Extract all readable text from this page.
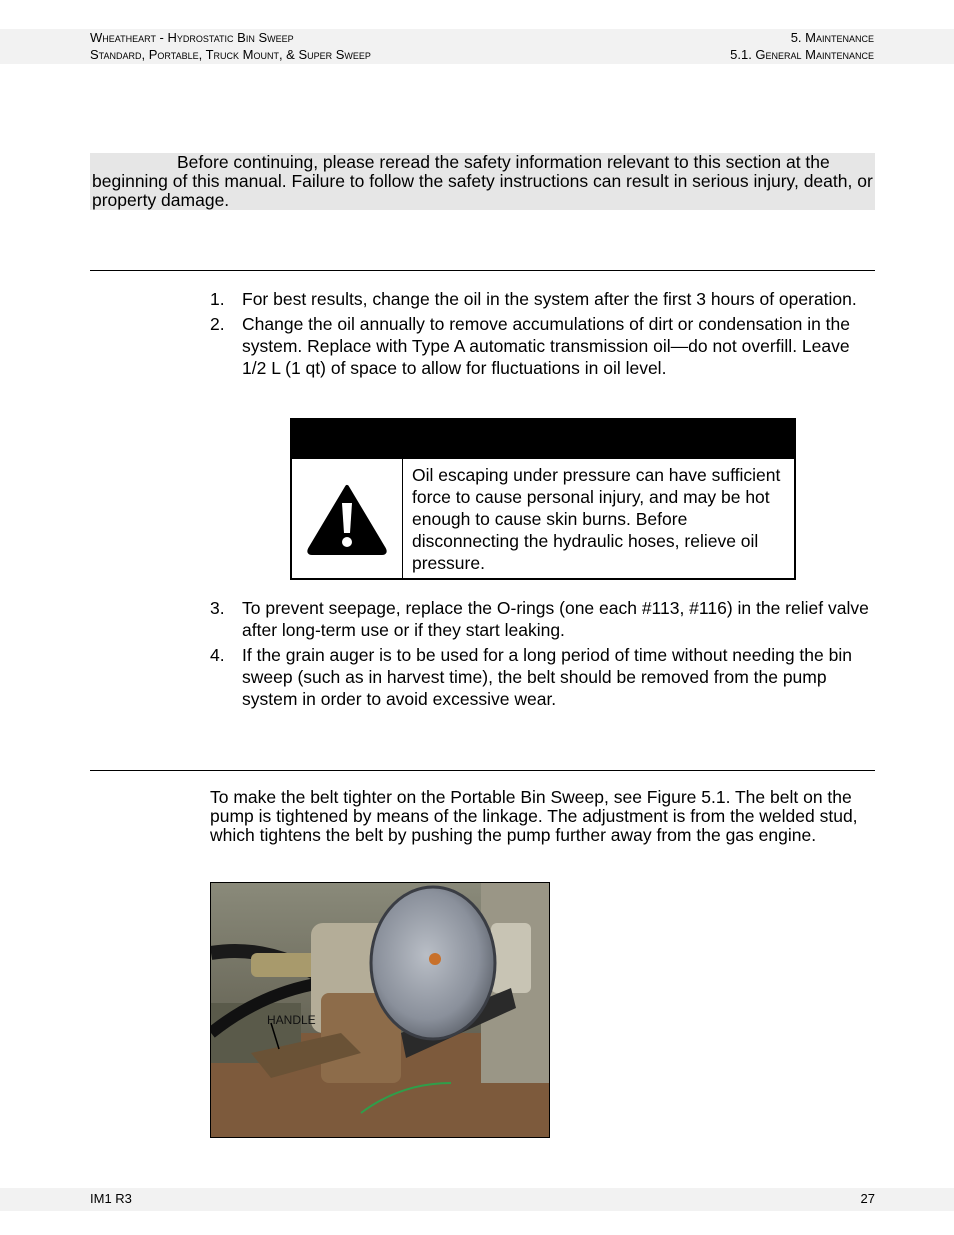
Wheatheart - Hydrostatic Bin Sweep
Standard, Portable, Truck Mount, & Super Sweep
5. Maintenance
5.1. General Maintenance

Before continuing, please reread the safety information relevant to this section at the beginning of this manual. Failure to follow the safety instructions can result in serious injury, death, or property damage.

1. For best results, change the oil in the system after the first 3 hours of operation.
2. Change the oil annually to remove accumulations of dirt or condensation in the system. Replace with Type A automatic transmission oil—do not overfill. Leave 1/2 L (1 qt) of space to allow for fluctuations in oil level.
Oil escaping under pressure can have sufficient force to cause personal injury, and may be hot enough to cause skin burns. Before disconnecting the hydraulic hoses, relieve oil pressure.
3. To prevent seepage, replace the O-rings (one each #113, #116) in the relief valve after long-term use or if they start leaking.
4. If the grain auger is to be used for a long period of time without needing the bin sweep (such as in harvest time), the belt should be removed from the pump system in order to avoid excessive wear.

To make the belt tighter on the Portable Bin Sweep, see Figure 5.1. The belt on the pump is tightened by means of the linkage. The adjustment is from the welded stud, which tightens the belt by pushing the pump further away from the gas engine.

HANDLE
IM1 R3	27
